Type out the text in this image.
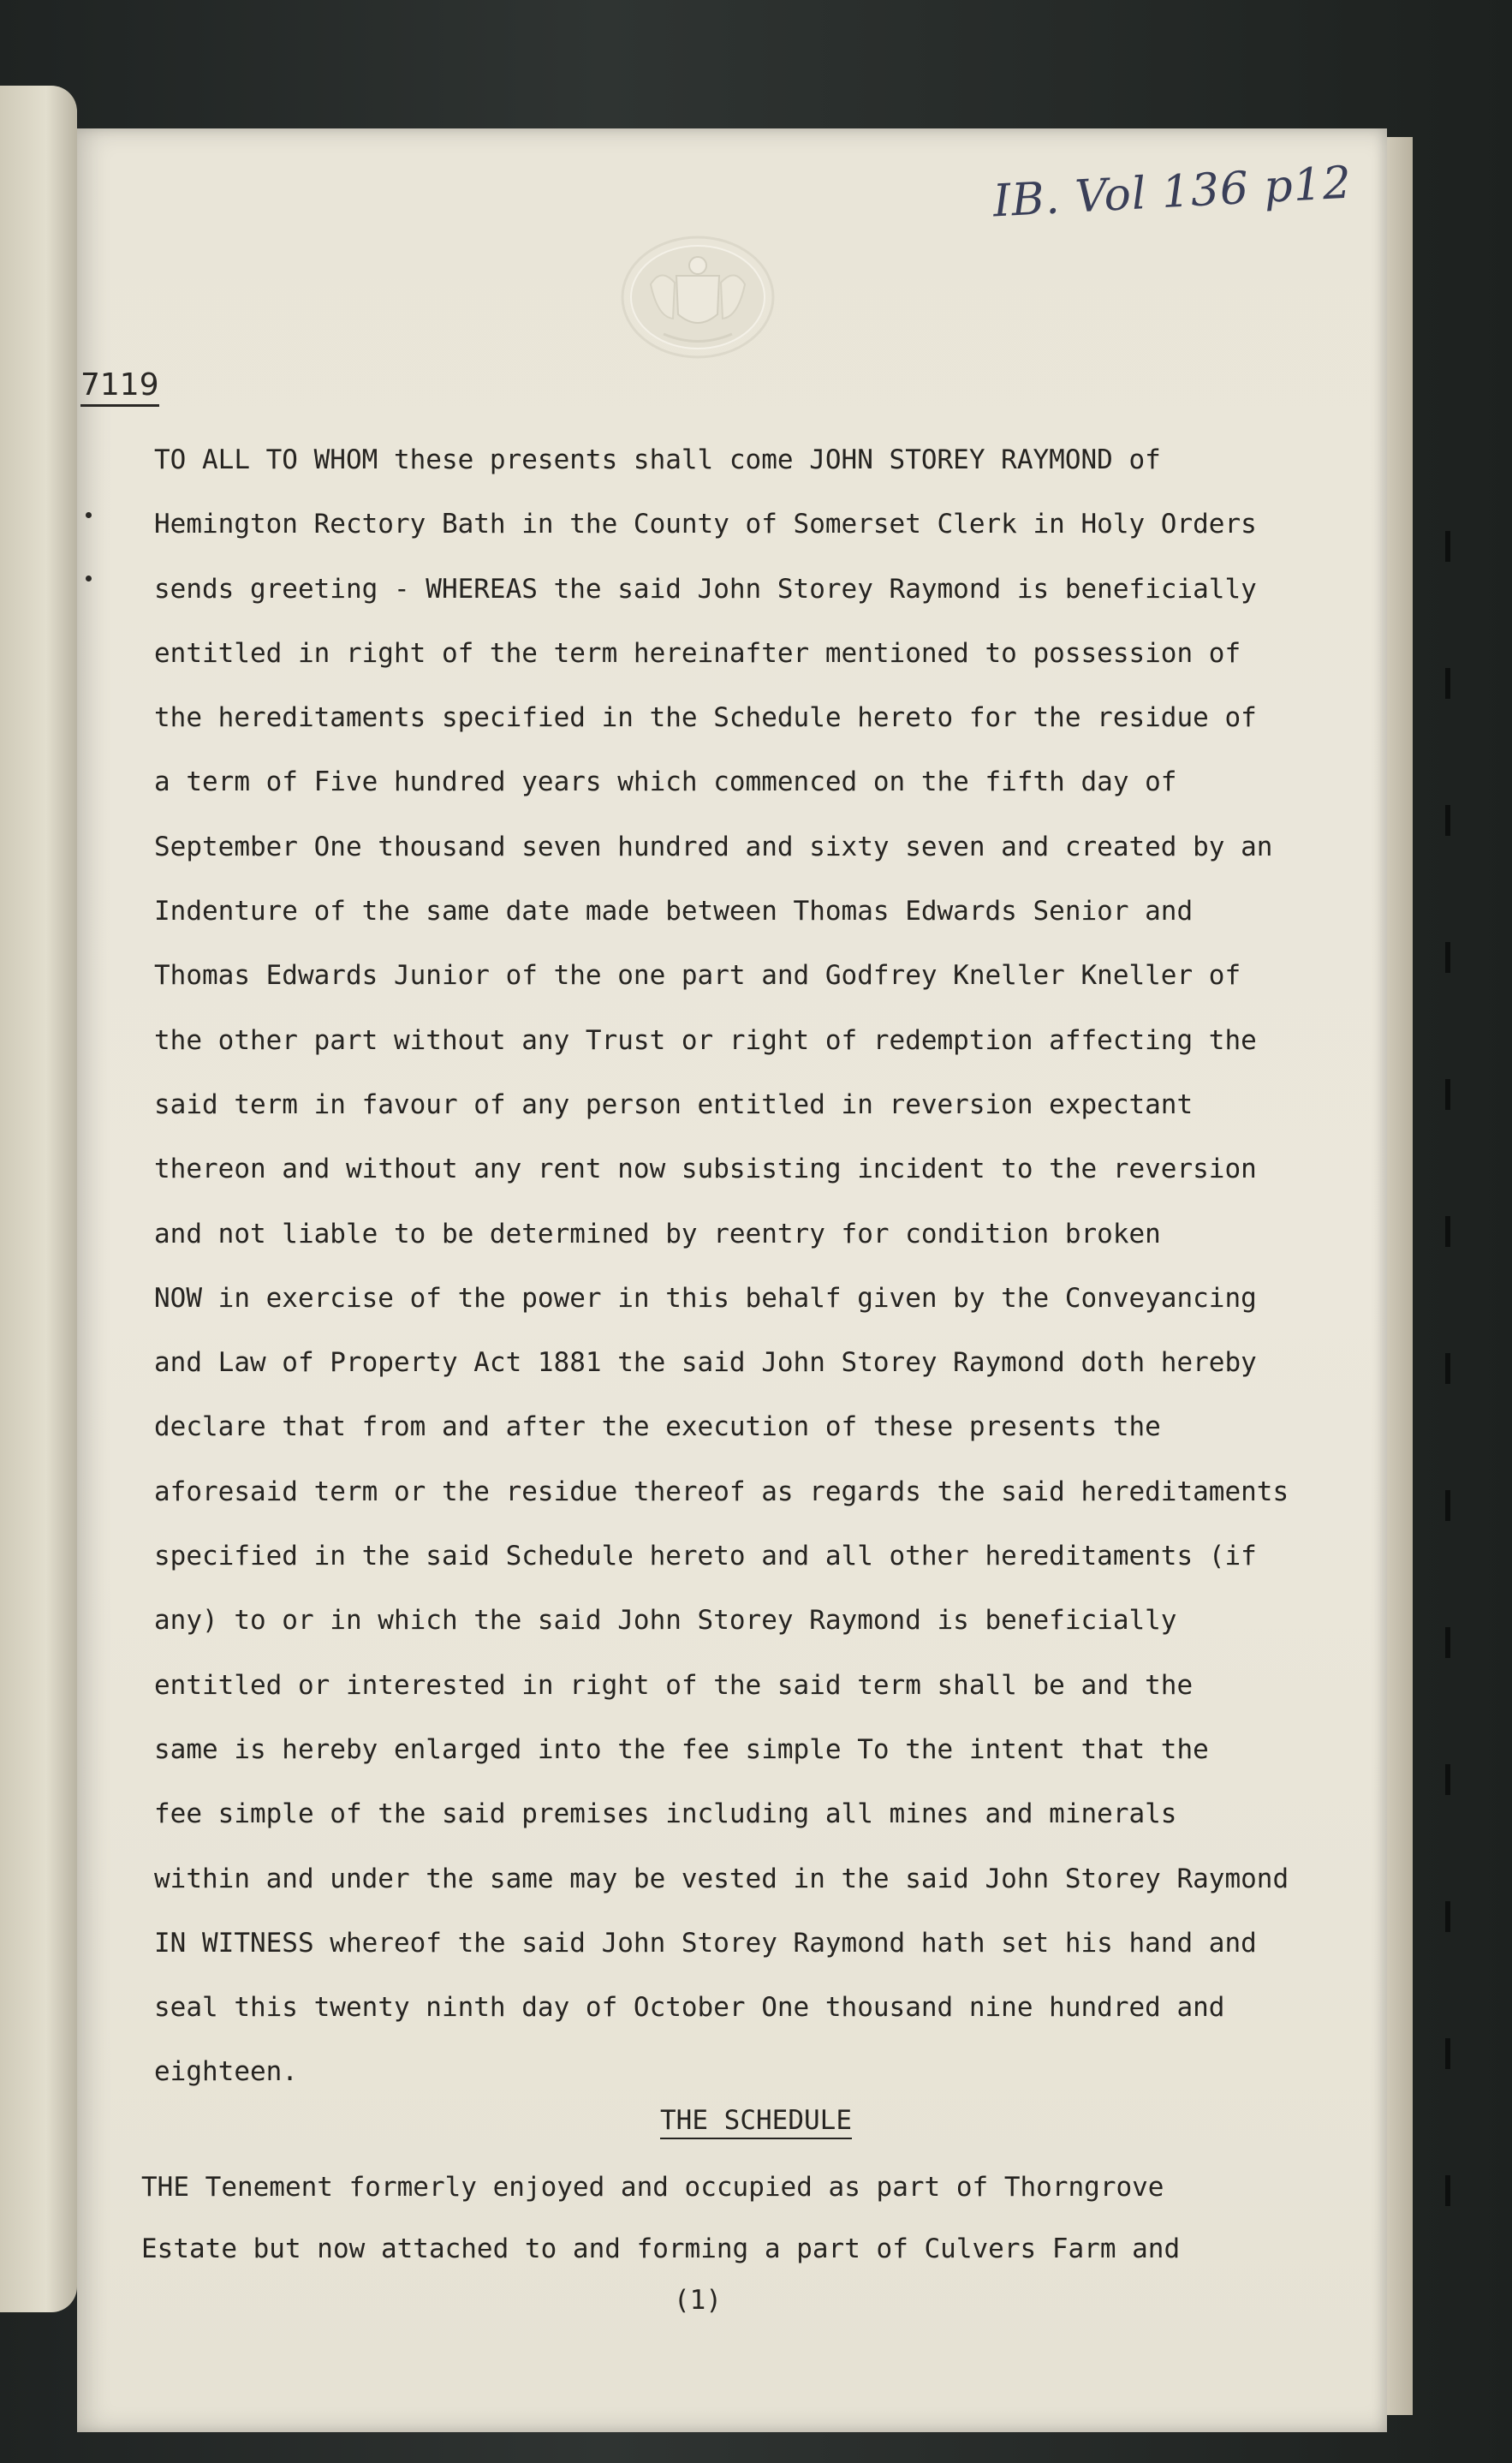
IB. Vol 136 p12
7119
TO ALL TO WHOM these presents shall come JOHN STOREY RAYMOND of
Hemington Rectory Bath in the County of Somerset Clerk in Holy Orders
sends greeting - WHEREAS the said John Storey Raymond is beneficially
entitled in right of the term hereinafter mentioned to possession of
the hereditaments specified in the Schedule hereto for the residue of
a term of Five hundred years which commenced on the fifth day of
September One thousand seven hundred and sixty seven and created by an
Indenture of the same date made between Thomas Edwards Senior and
Thomas Edwards Junior of the one part and Godfrey Kneller Kneller of
the other part without any Trust or right of redemption affecting the
said term in favour of any person entitled in reversion expectant
thereon and without any rent now subsisting incident to the reversion
and not liable to be determined by reentry for condition broken
NOW in exercise of the power in this behalf given by the Conveyancing
and Law of Property Act 1881 the said John Storey Raymond doth hereby
declare that from and after the execution of these presents the
aforesaid term or the residue thereof as regards the said hereditaments
specified in the said Schedule hereto and all other hereditaments (if
any) to or in which the said John Storey Raymond is beneficially
entitled or interested in right of the said term shall be and the
same is hereby enlarged into the fee simple To the intent that the
fee simple of the said premises including all mines and minerals
within and under the same may be vested in the said John Storey Raymond
IN WITNESS whereof the said John Storey Raymond hath set his hand and
seal this twenty ninth day of October One thousand nine hundred and
eighteen.
THE SCHEDULE
THE Tenement formerly enjoyed and occupied as part of Thorngrove
Estate but now attached to and forming a part of Culvers Farm and
(1)
